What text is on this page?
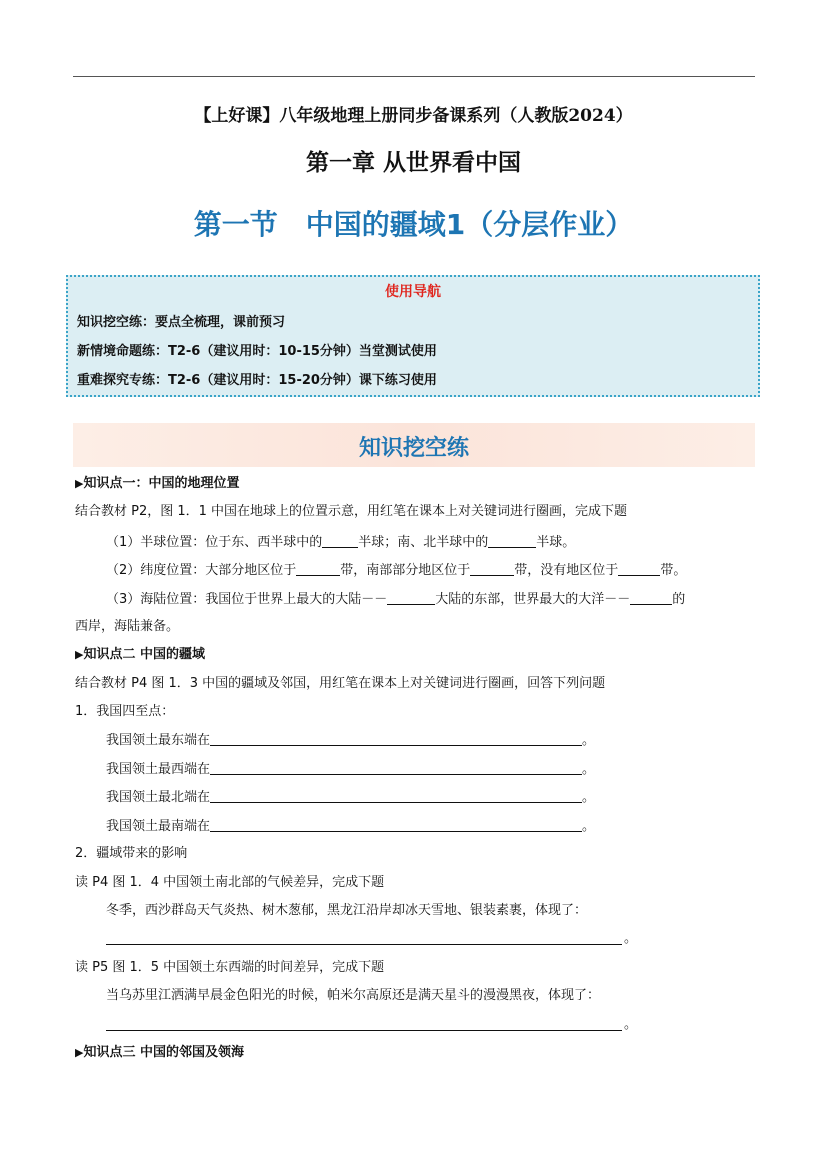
【上好课】八年级地理上册同步备课系列（人教版2024）
第一章 从世界看中国
第一节　中国的疆域1（分层作业）
使用导航
知识挖空练：要点全梳理，课前预习
新情境命题练：T2-6（建议用时：10-15分钟）当堂测试使用
重难探究专练：T2-6（建议用时：15-20分钟）课下练习使用
知识挖空练
▶知识点一：中国的地理位置
结合教材 P2，图 1．1 中国在地球上的位置示意，用红笔在课本上对关键词进行圈画，完成下题
（1）半球位置：位于东、西半球中的	半球；南、北半球中的	半球。
（2）纬度位置：大部分地区位于	带，南部部分地区位于	带，没有地区位于	带。
（3）海陆位置：我国位于世界上最大的大陆－－	大陆的东部，世界最大的大洋－－	的
西岸，海陆兼备。
▶知识点二 中国的疆域
结合教材 P4 图 1．3 中国的疆域及邻国，用红笔在课本上对关键词进行圈画，回答下列问题
1．我国四至点：
我国领土最东端在	。
我国领土最西端在	。
我国领土最北端在	。
我国领土最南端在	。
2．疆域带来的影响
读 P4 图 1．4 中国领土南北部的气候差异，完成下题
冬季，西沙群岛天气炎热、树木葱郁，黑龙江沿岸却冰天雪地、银装素裹，体现了：
。
读 P5 图 1．5 中国领土东西端的时间差异，完成下题
当乌苏里江洒满早晨金色阳光的时候，帕米尔高原还是满天星斗的漫漫黑夜，体现了：
。
▶知识点三 中国的邻国及领海
